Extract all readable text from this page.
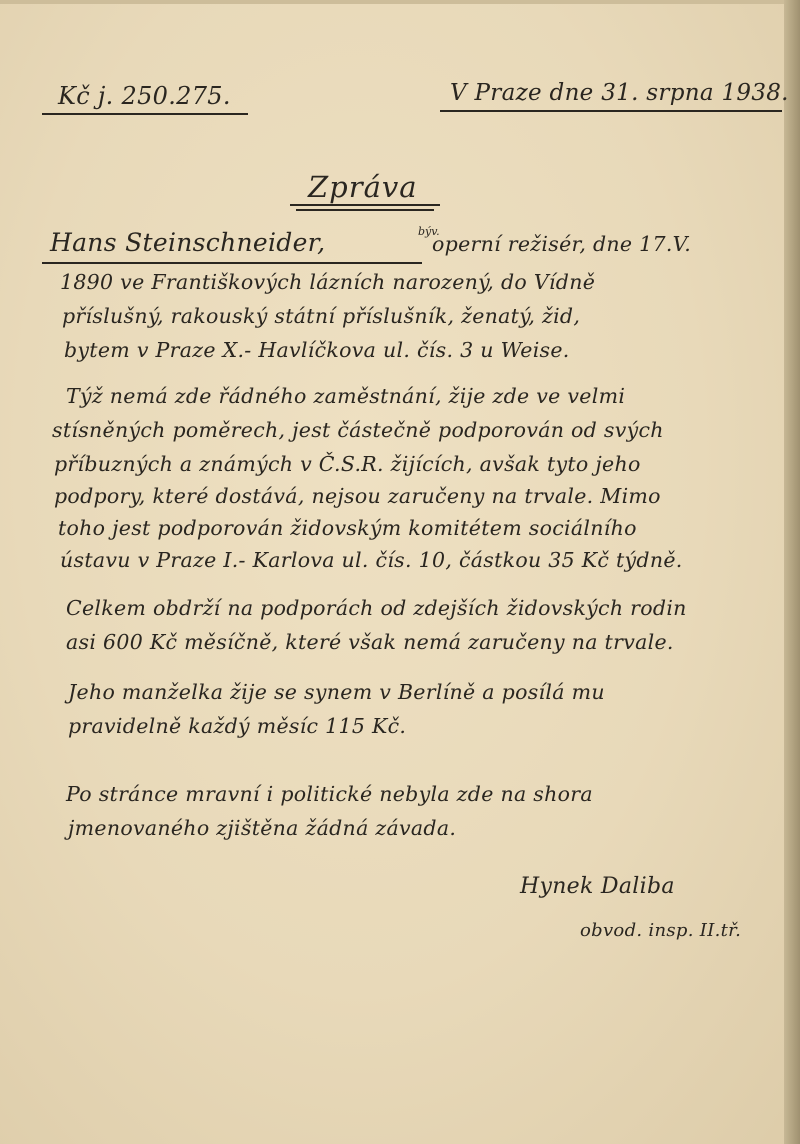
Kč j. 250.275.	V Praze dne 31. srpna 1938.
Zpráva
Hans Steinschneider,	býv.
operní režisér, dne 17.V.
1890 ve Františkových lázních narozený, do Vídně
příslušný, rakouský státní příslušník, ženatý, žid,
bytem v Praze X.- Havlíčkova ul. čís. 3 u Weise.
Týž nemá zde řádného zaměstnání, žije zde ve velmi
stísněných poměrech, jest částečně podporován od svých
příbuzných a známých v Č.S.R. žijících, avšak tyto jeho
podpory, které dostává, nejsou zaručeny na trvale. Mimo
toho jest podporován židovským komitétem sociálního
ústavu v Praze I.- Karlova ul. čís. 10, částkou 35 Kč týdně.
Celkem obdrží na podporách od zdejších židovských rodin
asi 600 Kč měsíčně, které však nemá zaručeny na trvale.
Jeho manželka žije se synem v Berlíně a posílá mu
pravidelně každý měsíc 115 Kč.
Po stránce mravní i politické nebyla zde na shora
jmenovaného zjištěna žádná závada.
Hynek Daliba
obvod. insp. II.tř.
